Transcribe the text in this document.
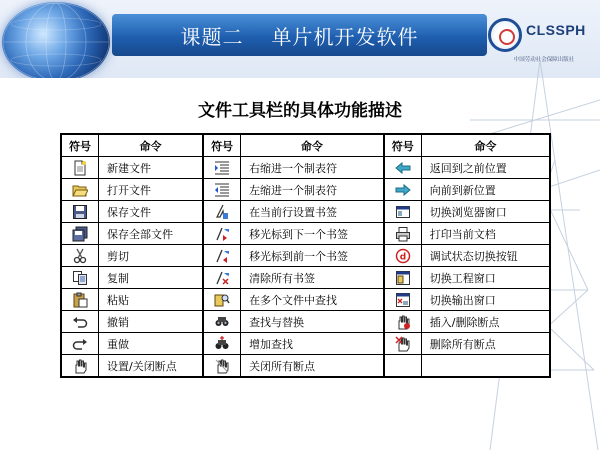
课题二 单片机开发软件	CLSSPH
中国劳动社会保障出版社
文件工具栏的具体功能描述
符号	命令	符号	命令	符号	命令

	新建文件		右缩进一个制表符		返回到之前位置

	打开文件		左缩进一个制表符		向前到新位置

	保存文件		在当前行设置书签		切换浏览器窗口

	保存全部文件		移光标到下一个书签		打印当前文档

	剪切		移光标到前一个书签	d	调试状态切换按钮

	复制		清除所有书签		切换工程窗口

	粘贴		在多个文件中查找		切换输出窗口

	撤销		查找与替换		插入/删除断点

	重做		增加查找		删除所有断点

	设置/关闭断点		关闭所有断点		
